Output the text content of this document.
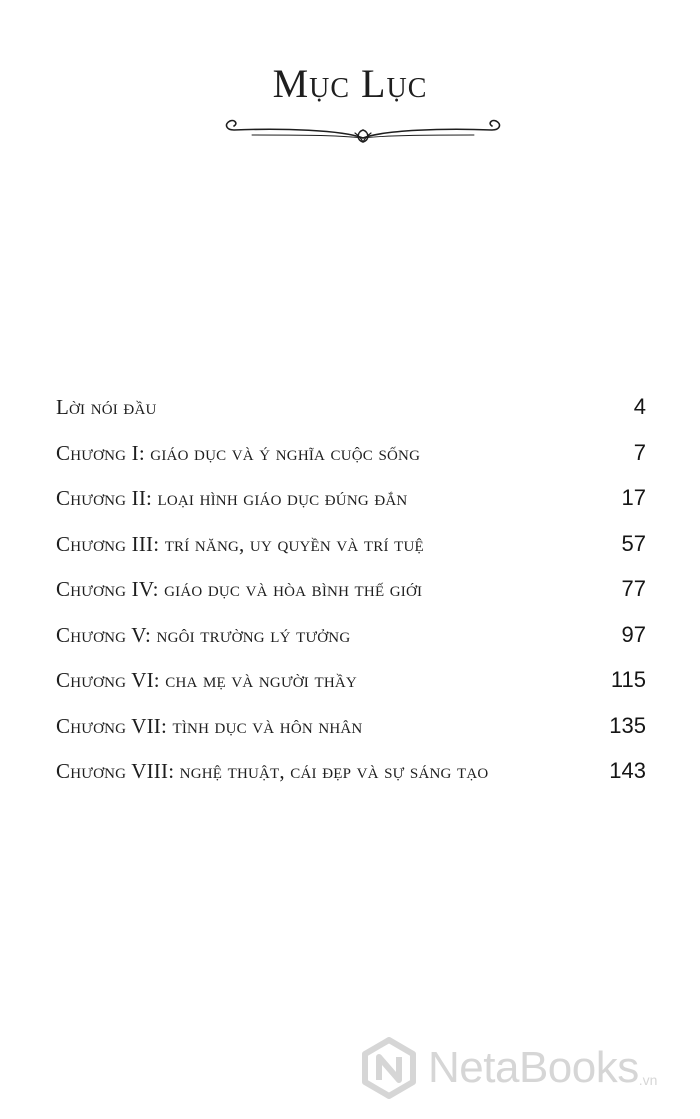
Mục Lục
Lời nói đầu	4
Chương I: giáo dục và ý nghĩa cuộc sống	7
Chương II: loại hình giáo dục đúng đắn	17
Chương III: trí năng, uy quyền và trí tuệ	57
Chương IV: giáo dục và hòa bình thế giới	77
Chương V: ngôi trường lý tưởng	97
Chương VI: cha mẹ và người thầy	115
Chương VII: tình dục và hôn nhân	135
Chương VIII: nghệ thuật, cái đẹp và sự sáng tạo	143
NetaBooks .vn
